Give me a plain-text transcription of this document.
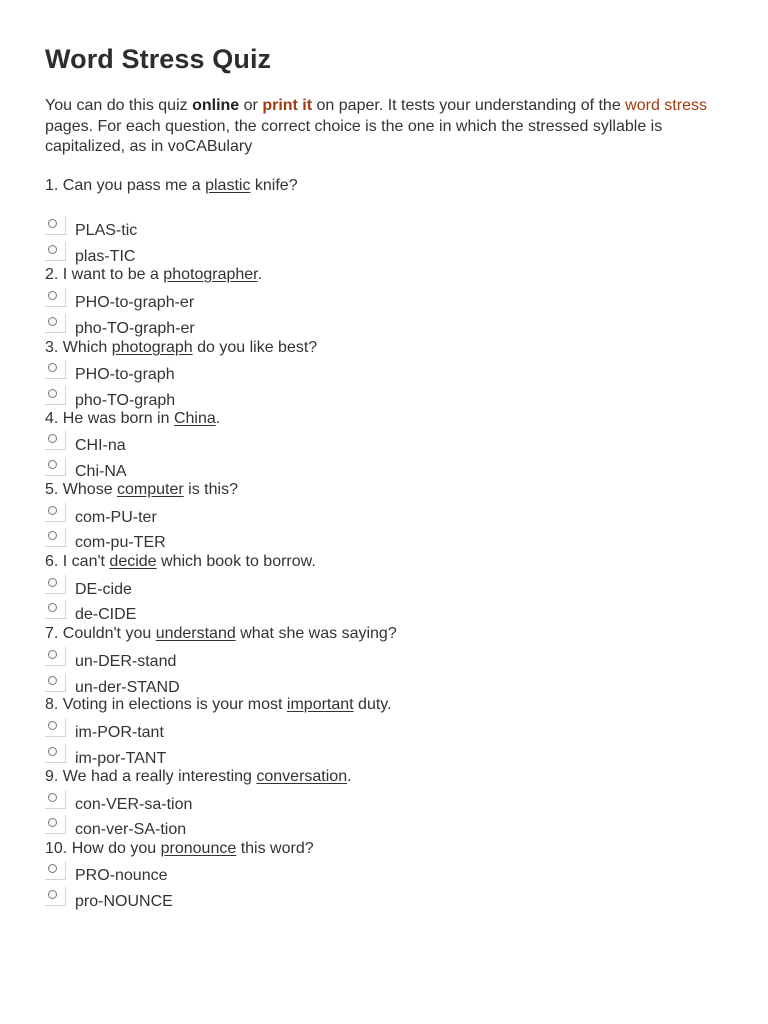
Word Stress Quiz

You can do this quiz online or print it on paper. It tests your understanding of the word stress pages. For each question, the correct choice is the one in which the stressed syllable is capitalized, as in voCABulary

1. Can you pass me a plastic knife?

PLAS-tic
plas-TIC

2. I want to be a photographer.

PHO-to-graph-er
pho-TO-graph-er

3. Which photograph do you like best?

PHO-to-graph
pho-TO-graph

4. He was born in China.

CHI-na
Chi-NA

5. Whose computer is this?

com-PU-ter
com-pu-TER

6. I can't decide which book to borrow.

DE-cide
de-CIDE

7. Couldn't you understand what she was saying?

un-DER-stand
un-der-STAND

8. Voting in elections is your most important duty.

im-POR-tant
im-por-TANT

9. We had a really interesting conversation.

con-VER-sa-tion
con-ver-SA-tion

10. How do you pronounce this word?

PRO-nounce
pro-NOUNCE
